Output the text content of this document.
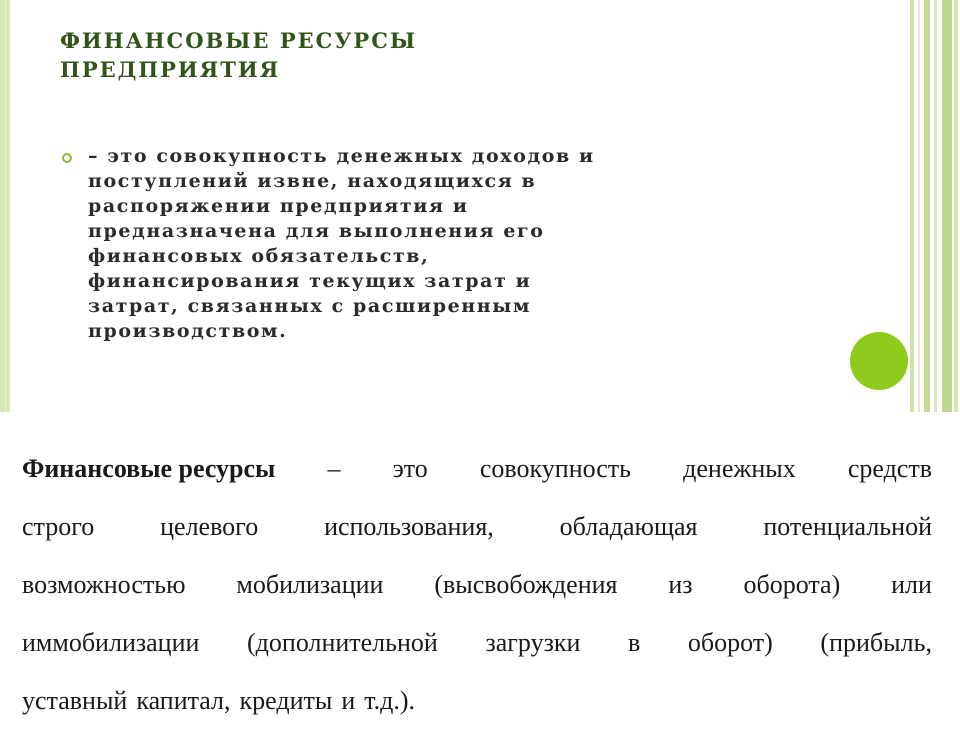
ФИНАНСОВЫЕ РЕСУРСЫ
ПРЕДПРИЯТИЯ

– это совокупность денежных доходов и
поступлений извне, находящихся в
распоряжении предприятия и
предназначена для выполнения его
финансовых обязательств,
финансирования текущих затрат и
затрат, связанных с расширенным
производством.

Финансовые ресурсы – это совокупность денежных средств
строго	целевого	использования,	обладающая	потенциальной
возможностью мобилизации (высвобождения из оборота) или
иммобилизации (дополнительной загрузки в оборот) (прибыль,
уставный капитал, кредиты и т.д.).
